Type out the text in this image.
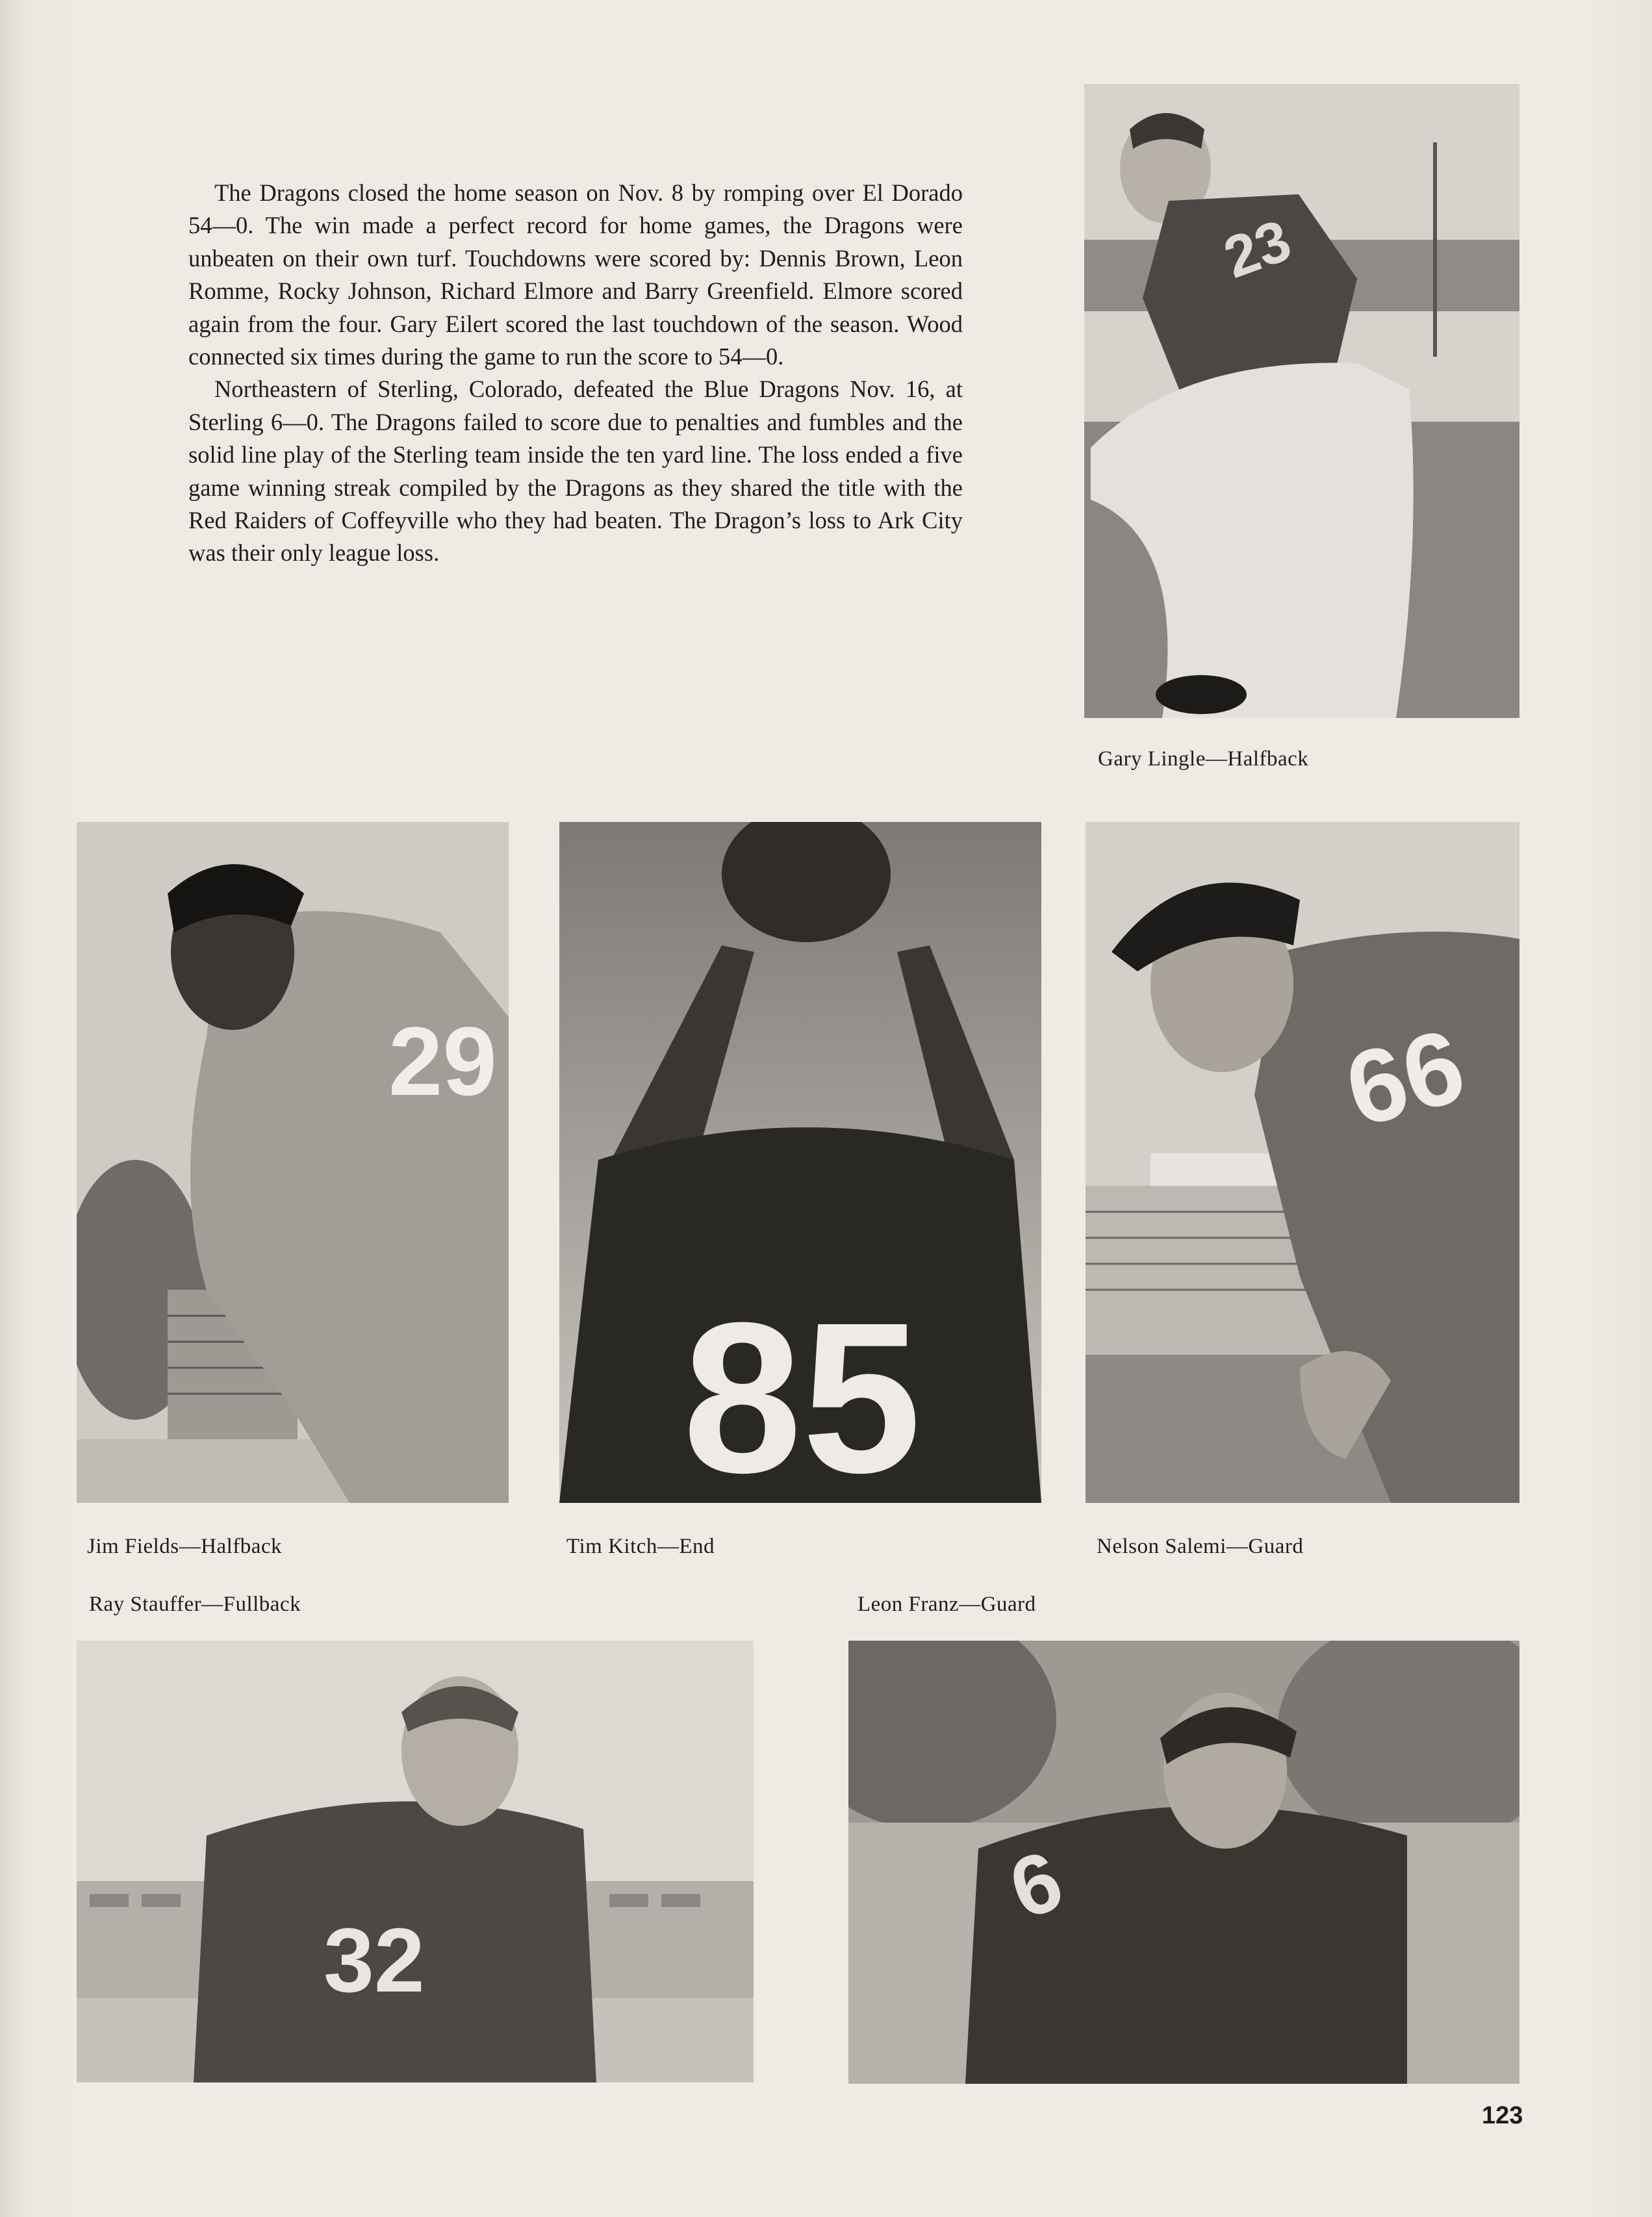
The Dragons closed the home season on Nov. 8 by romping over El Dorado 54—0. The win made a perfect record for home games, the Dragons were unbeaten on their own turf. Touchdowns were scored by: Dennis Brown, Leon Romme, Rocky Johnson, Richard Elmore and Barry Greenfield. Elmore scored again from the four. Gary Eilert scored the last touchdown of the season. Wood connected six times during the game to run the score to 54—0.

Northeastern of Sterling, Colorado, defeated the Blue Dragons Nov. 16, at Sterling 6—0. The Dragons failed to score due to penalties and fumbles and the solid line play of the Sterling team inside the ten yard line. The loss ended a five game winning streak compiled by the Dragons as they shared the title with the Red Raiders of Coffeyville who they had beaten. The Dragon’s loss to Ark City was their only league loss.

23
Gary Lingle—Halfback
29
Jim Fields—Halfback
85
Tim Kitch—End
66
Nelson Salemi—Guard
Ray Stauffer—Fullback	Leon Franz—Guard
32
6
123
